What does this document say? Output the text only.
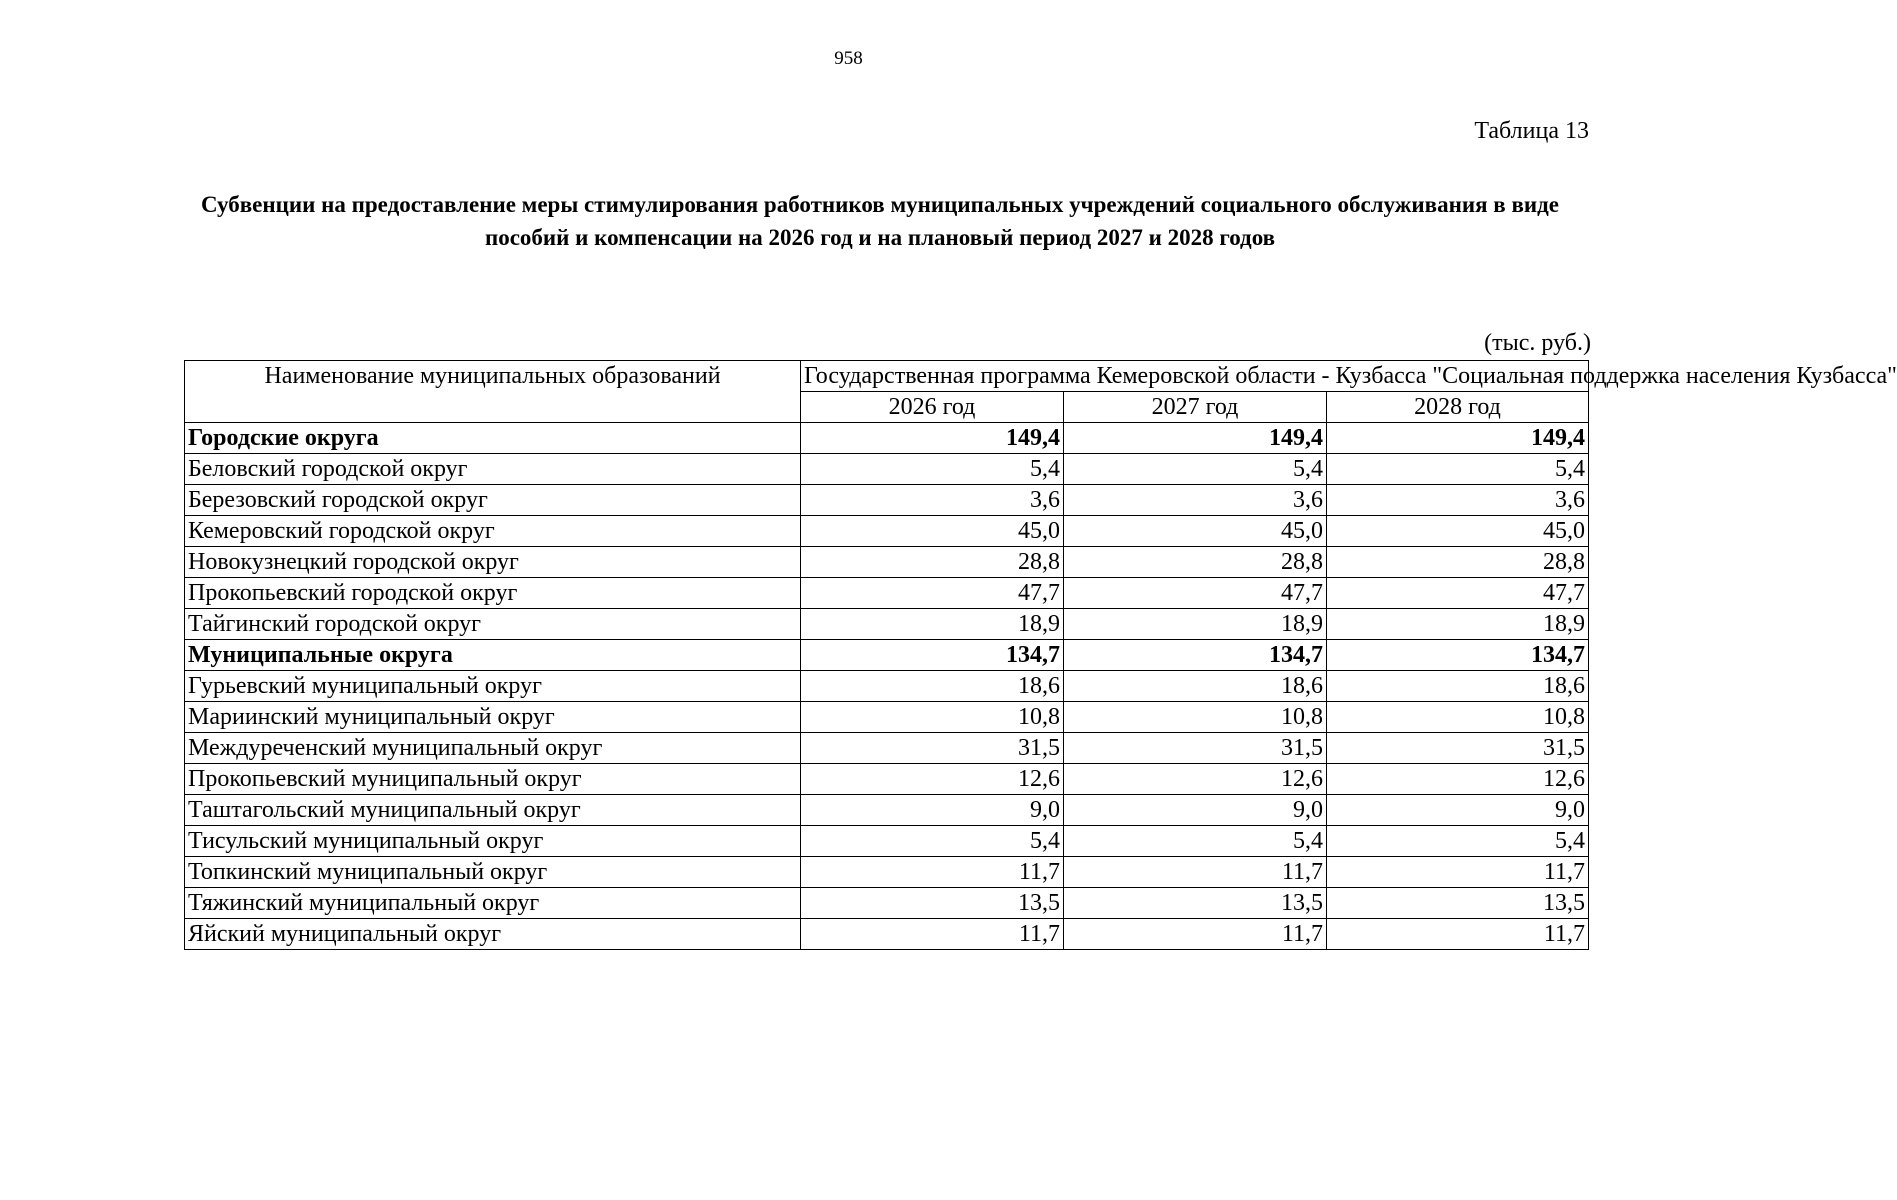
958
Таблица 13
Субвенции на предоставление меры стимулирования работников муниципальных учреждений социального обслуживания в виде пособий и компенсации на 2026 год и на плановый период 2027 и 2028 годов
(тыс. руб.)
Наименование муниципальных образований	Государственная программа Кемеровской области - Кузбасса "Социальная поддержка населения Кузбасса"		
	2026 год	2027 год	2028 год
Городские округа	149,4	149,4	149,4
Беловский городской округ	5,4	5,4	5,4
Березовский городской округ	3,6	3,6	3,6
Кемеровский городской округ	45,0	45,0	45,0
Новокузнецкий городской округ	28,8	28,8	28,8
Прокопьевский городской округ	47,7	47,7	47,7
Тайгинский городской округ	18,9	18,9	18,9
Муниципальные округа	134,7	134,7	134,7
Гурьевский муниципальный округ	18,6	18,6	18,6
Мариинский муниципальный округ	10,8	10,8	10,8
Междуреченский муниципальный округ	31,5	31,5	31,5
Прокопьевский муниципальный округ	12,6	12,6	12,6
Таштагольский муниципальный округ	9,0	9,0	9,0
Тисульский муниципальный округ	5,4	5,4	5,4
Топкинский муниципальный округ	11,7	11,7	11,7
Тяжинский муниципальный округ	13,5	13,5	13,5
Яйский муниципальный округ	11,7	11,7	11,7
